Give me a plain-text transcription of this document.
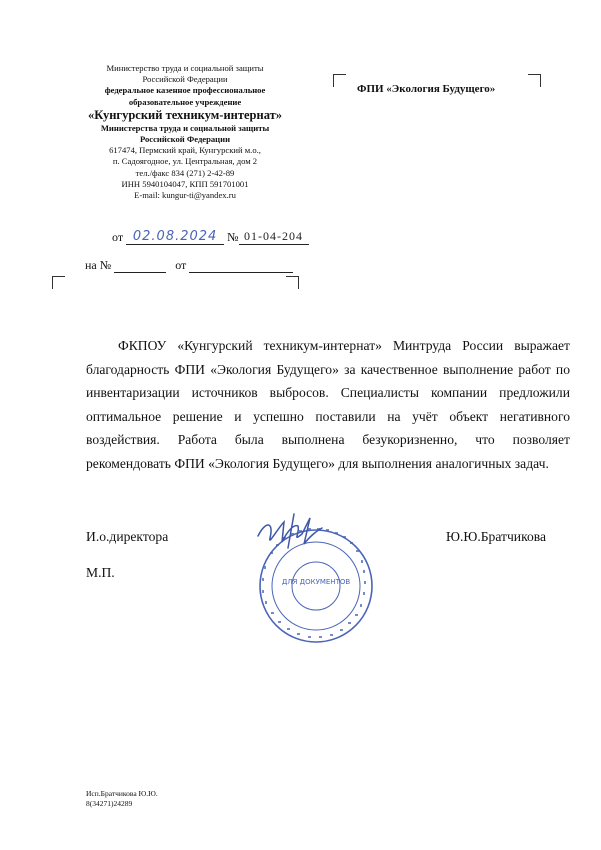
Министерство труда и социальной защиты
Российской Федерации
федеральное казенное профессиональное
образовательное учреждение
«Кунгурский техникум-интернат»
Министерства труда и социальной защиты
Российской Федерации
617474, Пермский край, Кунгурский м.о.,
п. Садоягодное, ул. Центральная, дом 2
тел./факс 834 (271) 2-42-89
ИНН 5940104047, КПП 591701001
E-mail: kungur-ti@yandex.ru
от 02.08.2024 № 01-04-204
на №	от
ФПИ «Экология Будущего»

ФКПОУ «Кунгурский техникум-интернат» Минтруда России выражает благодарность ФПИ «Экология Будущего» за качественное выполнение работ по инвентаризации источников выбросов. Специалисты компании предложили оптимальное решение и успешно поставили на учёт объект негативного воздействия. Работа была выполнена безукоризненно, что позволяет рекомендовать ФПИ «Экология Будущего» для выполнения аналогичных задач.

И.о.директора	Ю.Ю.Братчикова
М.П.
ДЛЯ ДОКУМЕНТОВ
Исп.Братчикова Ю.Ю.
8(34271)24289
